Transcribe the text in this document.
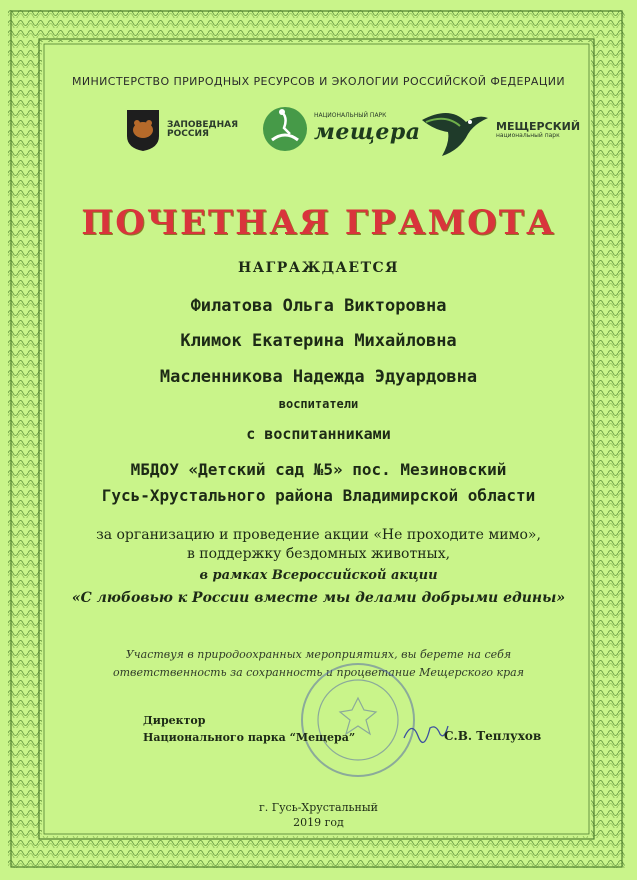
МИНИСТЕРСТВО ПРИРОДНЫХ РЕСУРСОВ И ЭКОЛОГИИ РОССИЙСКОЙ ФЕДЕРАЦИИ
ЗАПОВЕДНАЯ
РОССИЯ
НАЦИОНАЛЬНЫЙ ПАРК
мещера	МЕЩЕРСКИЙ
национальный парк
ПОЧЕТНАЯ ГРАМОТА
НАГРАЖДАЕТСЯ
Филатова Ольга Викторовна
Климок Екатерина Михайловна
Масленникова Надежда Эдуардовна
воспитатели
с воспитанниками
МБДОУ «Детский сад №5» пос. Мезиновский
Гусь-Хрустального района Владимирской области
за организацию и проведение акции «Не проходите мимо»,
в поддержку бездомных животных,
в рамках Всероссийской акции
«С любовью к России вместе мы делами добрыми едины»
Участвуя в природоохранных мероприятиях, вы берете на себя
ответственность за сохранность и процветание Мещерского края
Директор
Национального парка “Мещера”	С.В. Теплухов
г. Гусь-Хрустальный
2019 год
